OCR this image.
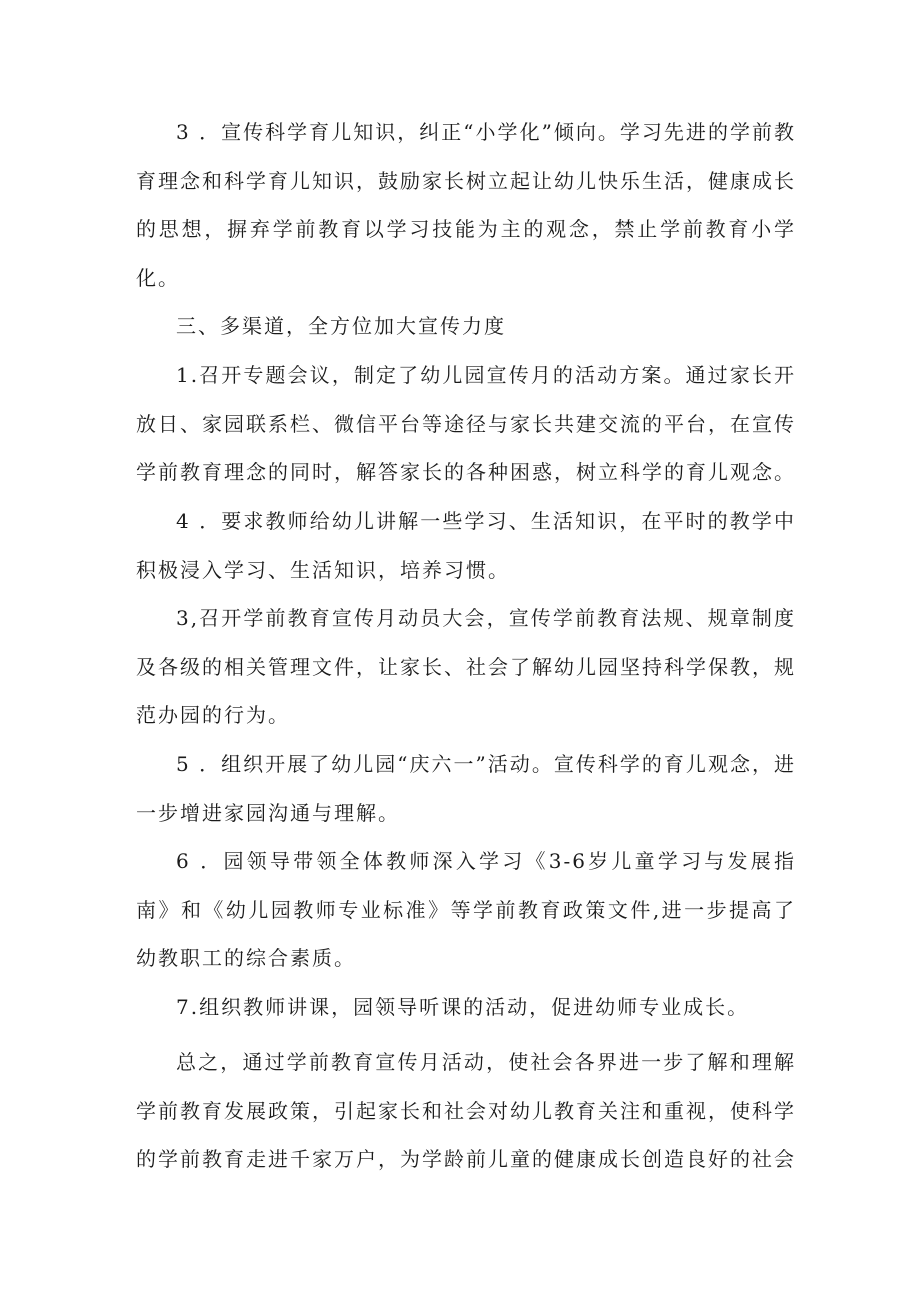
3 ．宣传科学育儿知识，纠正“小学化”倾向。学习先进的学前教育理念和科学育儿知识，鼓励家长树立起让幼儿快乐生活，健康成长的思想，摒弃学前教育以学习技能为主的观念，禁止学前教育小学化。

三、多渠道，全方位加大宣传力度

1.召开专题会议，制定了幼儿园宣传月的活动方案。通过家长开放日、家园联系栏、微信平台等途径与家长共建交流的平台，在宣传学前教育理念的同时，解答家长的各种困惑，树立科学的育儿观念。

4 ．要求教师给幼儿讲解一些学习、生活知识，在平时的教学中积极浸入学习、生活知识，培养习惯。

3,召开学前教育宣传月动员大会，宣传学前教育法规、规章制度及各级的相关管理文件，让家长、社会了解幼儿园坚持科学保教，规范办园的行为。

5 ．组织开展了幼儿园“庆六一”活动。宣传科学的育儿观念，进一步增进家园沟通与理解。

6 ．园领导带领全体教师深入学习《3-6岁儿童学习与发展指南》和《幼儿园教师专业标准》等学前教育政策文件,进一步提高了幼教职工的综合素质。

7.组织教师讲课，园领导听课的活动，促进幼师专业成长。

总之，通过学前教育宣传月活动，使社会各界进一步了解和理解学前教育发展政策，引起家长和社会对幼儿教育关注和重视，使科学的学前教育走进千家万户，为学龄前儿童的健康成长创造良好的社会
